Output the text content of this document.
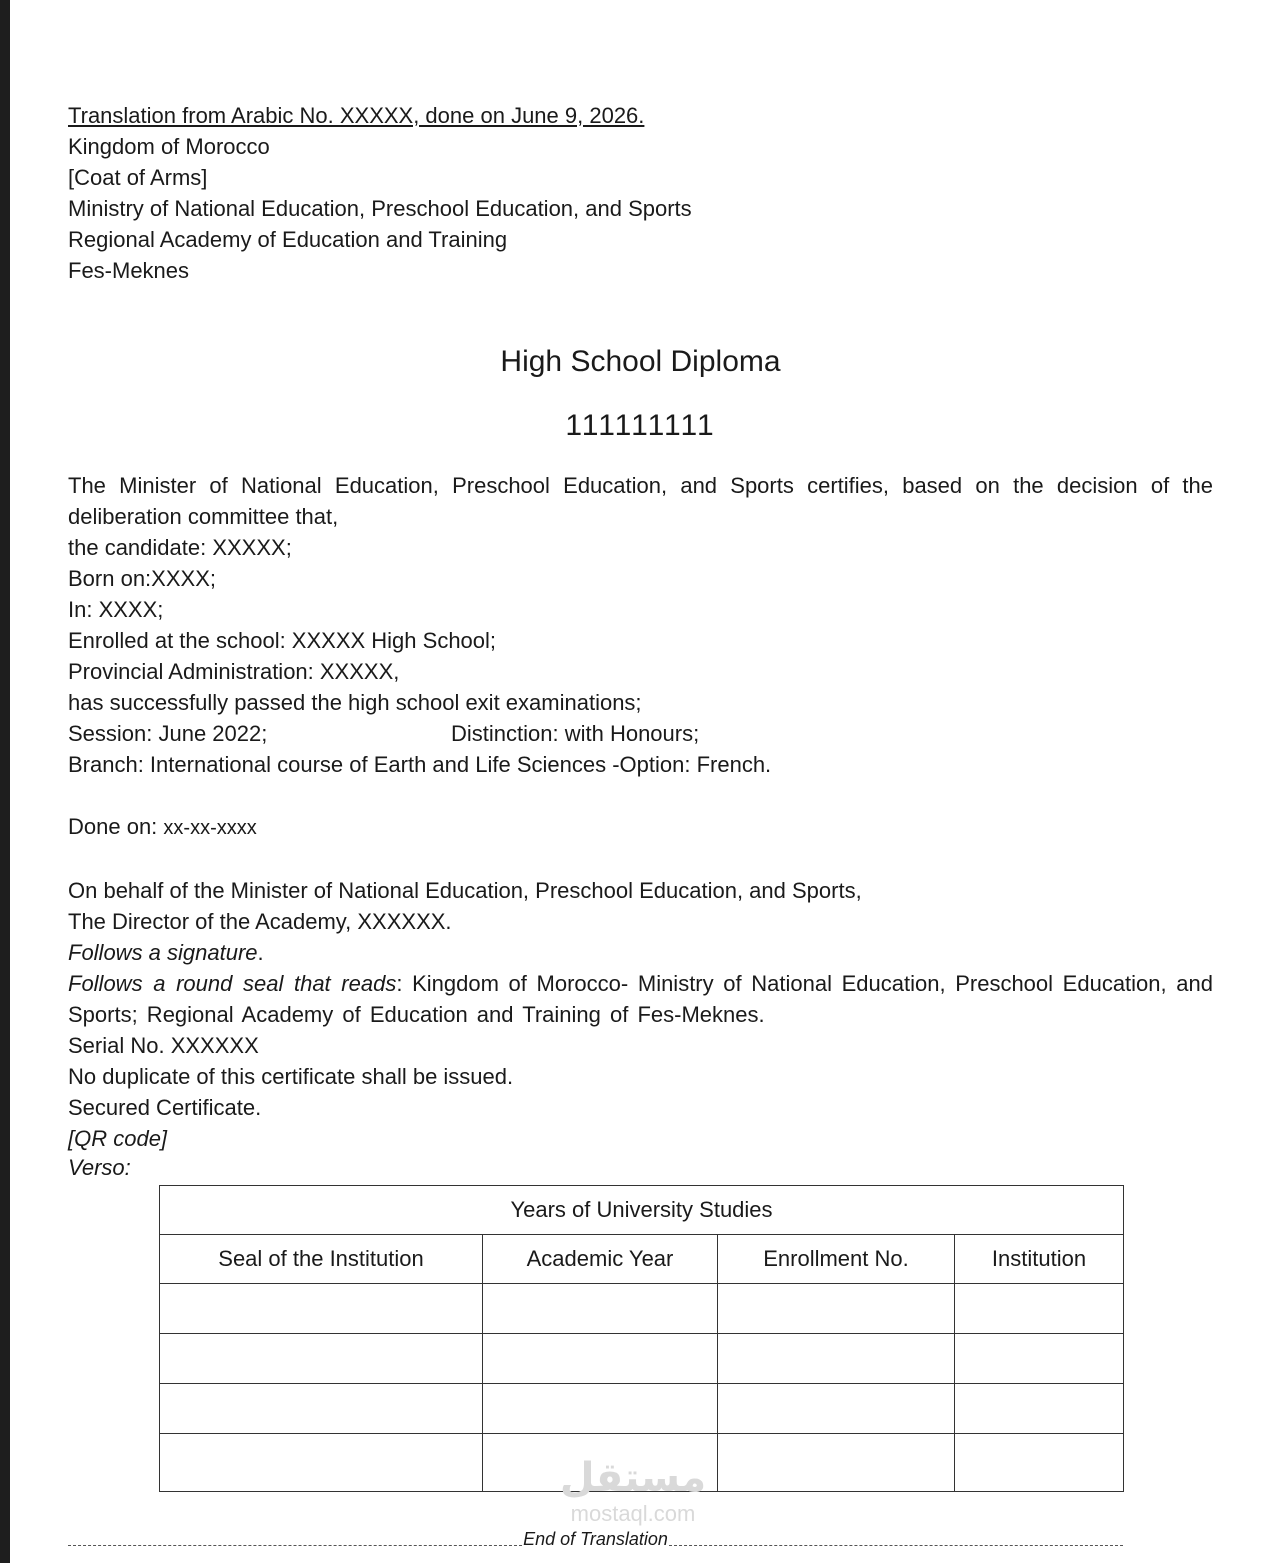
Translation from Arabic No. XXXXX, done on June 9, 2026.
Kingdom of Morocco
[Coat of Arms]
Ministry of National Education, Preschool Education, and Sports
Regional Academy of Education and Training
Fes-Meknes
High School Diploma
111111111
The Minister of National Education, Preschool Education, and Sports certifies, based on the decision of the deliberation committee that,
the candidate: XXXXX;
Born on:XXXX;
In: XXXX;
Enrolled at the school: XXXXX High School;
Provincial Administration: XXXXX,
has successfully passed the high school exit examinations;
Session: June 2022;	Distinction: with Honours;
Branch: International course of Earth and Life Sciences -Option: French.
Done on: xx-xx-xxxx
On behalf of the Minister of National Education, Preschool Education, and Sports,
The Director of the Academy, XXXXXX.
Follows a signature.
Follows a round seal that reads: Kingdom of Morocco- Ministry of National Education, Preschool Education, and Sports; Regional Academy of Education and Training of Fes-Meknes.
Serial No. XXXXXX
No duplicate of this certificate shall be issued.
Secured Certificate.
[QR code]
Verso:
Years of University Studies			
Seal of the Institution	Academic Year	Enrollment No.	Institution

مستقل
mostaql.com
End of Translation
